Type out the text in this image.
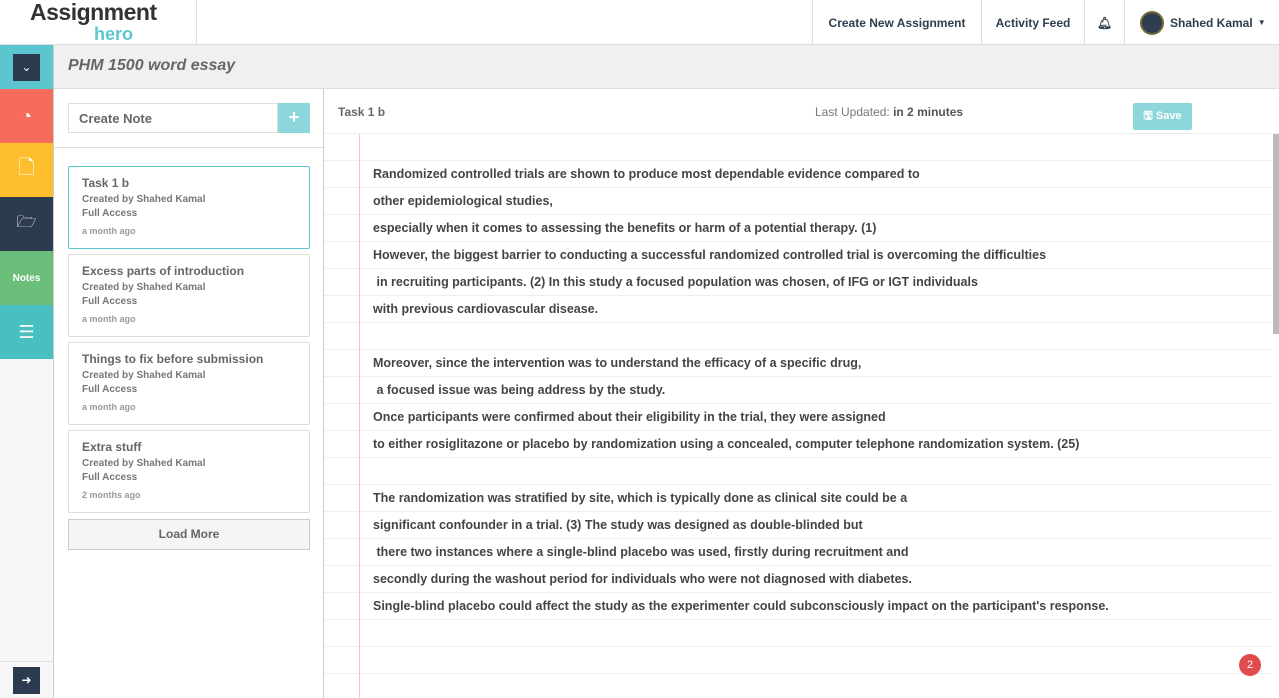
Assignment
hero
Create New Assignment	Activity Feed	🔔︎	Shahed Kamal ▼
⌄
◔
🗋︎
🗁︎
Notes
☰
➜
PHM 1500 word essay
Create Note	+
Task 1 b
Created by Shahed Kamal
Full Access
a month ago
Excess parts of introduction
Created by Shahed Kamal
Full Access
a month ago
Things to fix before submission
Created by Shahed Kamal
Full Access
a month ago
Extra stuff
Created by Shahed Kamal
Full Access
2 months ago
Load More
Task 1 b	Last Updated: in 2 minutes	🖫︎ Save
Randomized controlled trials are shown to produce most dependable evidence compared to
other epidemiological studies,
especially when it comes to assessing the benefits or harm of a potential therapy. (1)
However, the biggest barrier to conducting a successful randomized controlled trial is overcoming the difficulties
in recruiting participants. (2) In this study a focused population was chosen, of IFG or IGT individuals
with previous cardiovascular disease.
Moreover, since the intervention was to understand the efficacy of a specific drug,
a focused issue was being address by the study.
Once participants were confirmed about their eligibility in the trial, they were assigned
to either rosiglitazone or placebo by randomization using a concealed, computer telephone randomization system. (25)
The randomization was stratified by site, which is typically done as clinical site could be a
significant confounder in a trial. (3) The study was designed as double-blinded but
there two instances where a single-blind placebo was used, firstly during recruitment and
secondly during the washout period for individuals who were not diagnosed with diabetes.
Single-blind placebo could affect the study as the experimenter could subconsciously impact on the participant's response.
2
